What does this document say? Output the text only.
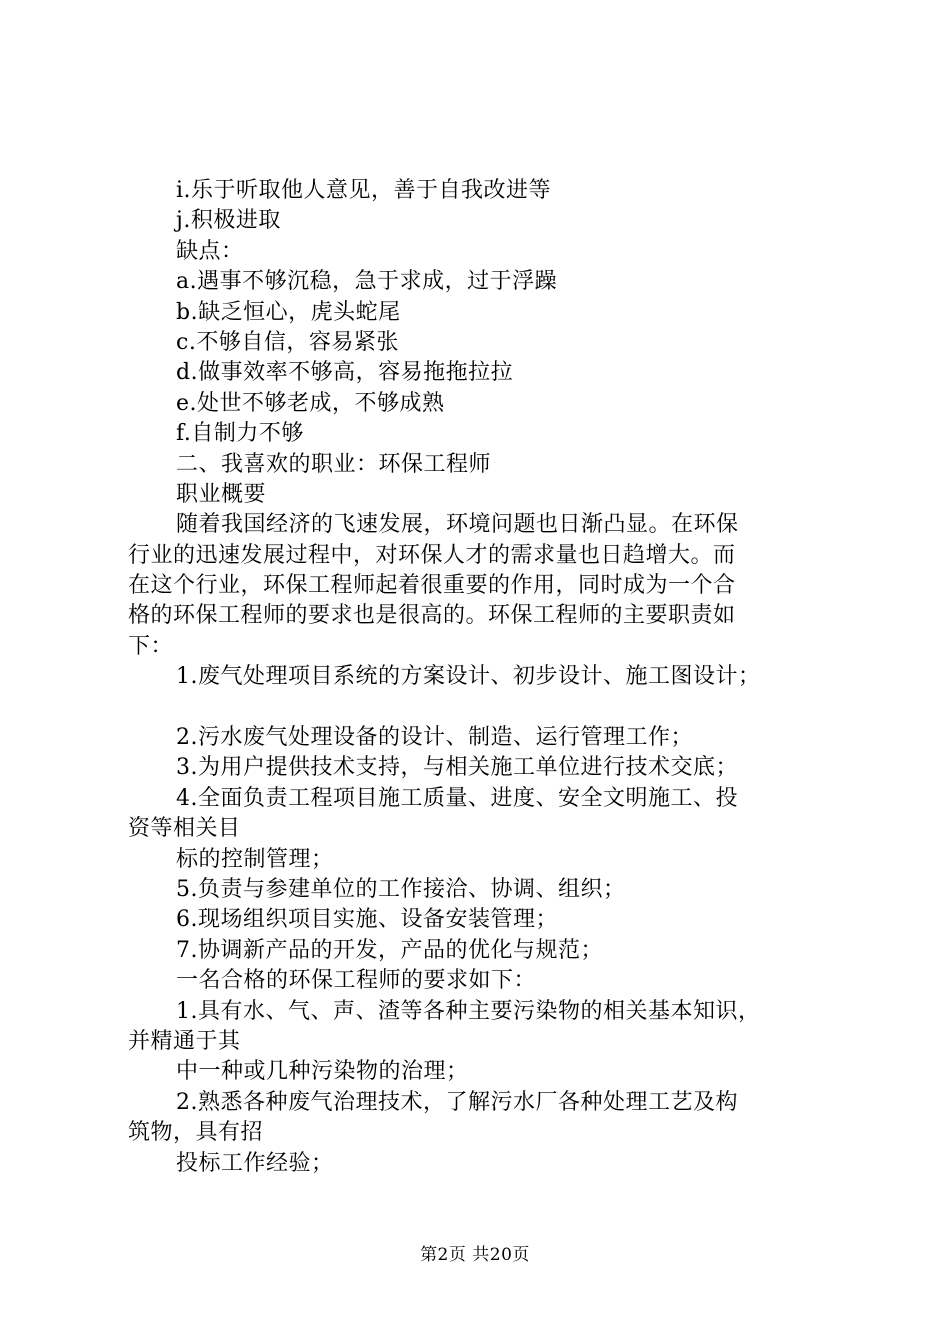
i.乐于听取他人意见，善于自我改进等
j.积极进取
缺点：
a.遇事不够沉稳，急于求成，过于浮躁
b.缺乏恒心，虎头蛇尾
c.不够自信，容易紧张
d.做事效率不够高，容易拖拖拉拉
e.处世不够老成，不够成熟
f.自制力不够
二、我喜欢的职业：环保工程师
职业概要
随着我国经济的飞速发展，环境问题也日渐凸显。在环保
行业的迅速发展过程中，对环保人才的需求量也日趋增大。而
在这个行业，环保工程师起着很重要的作用，同时成为一个合
格的环保工程师的要求也是很高的。环保工程师的主要职责如
下：
1.废气处理项目系统的方案设计、初步设计、施工图设计；
2.污水废气处理设备的设计、制造、运行管理工作；
3.为用户提供技术支持，与相关施工单位进行技术交底；
4.全面负责工程项目施工质量、进度、安全文明施工、投
资等相关目
标的控制管理；
5.负责与参建单位的工作接洽、协调、组织；
6.现场组织项目实施、设备安装管理；
7.协调新产品的开发，产品的优化与规范；
一名合格的环保工程师的要求如下：
1.具有水、气、声、渣等各种主要污染物的相关基本知识，
并精通于其
中一种或几种污染物的治理；
2.熟悉各种废气治理技术，了解污水厂各种处理工艺及构
筑物，具有招
投标工作经验；
第2页 共20页
